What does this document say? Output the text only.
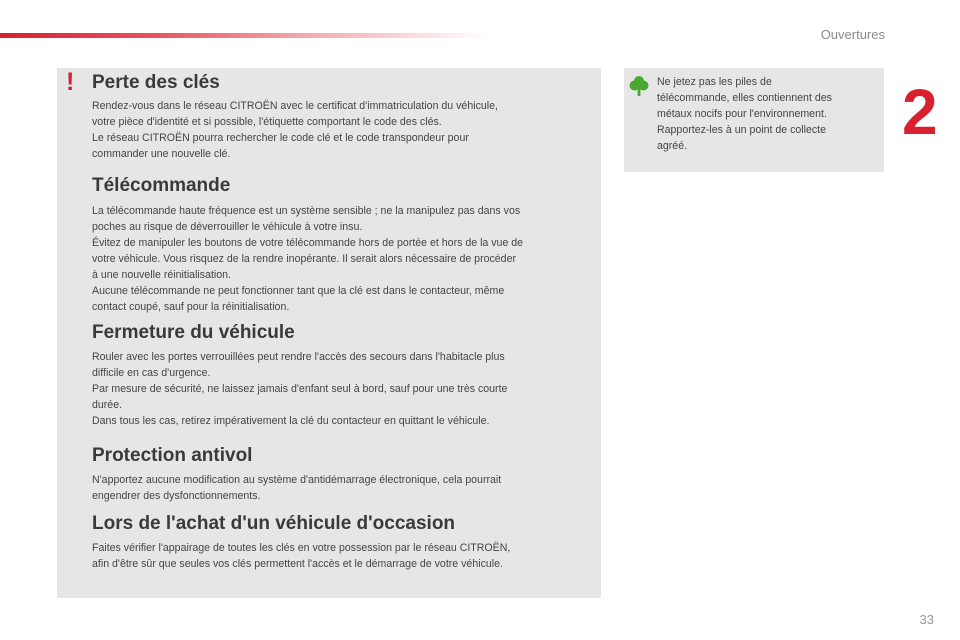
Ouvertures
2
! Perte des clés

Rendez-vous dans le réseau CITROËN avec le certificat d'immatriculation du véhicule,
votre pièce d'identité et si possible, l'étiquette comportant le code des clés.
Le réseau CITROËN pourra rechercher le code clé et le code transpondeur pour
commander une nouvelle clé.

Télécommande

La télécommande haute fréquence est un système sensible ; ne la manipulez pas dans vos
poches au risque de déverrouiller le véhicule à votre insu.
Évitez de manipuler les boutons de votre télécommande hors de portée et hors de la vue de
votre véhicule. Vous risquez de la rendre inopérante. Il serait alors nécessaire de procéder
à une nouvelle réinitialisation.
Aucune télécommande ne peut fonctionner tant que la clé est dans le contacteur, même
contact coupé, sauf pour la réinitialisation.

Fermeture du véhicule

Rouler avec les portes verrouillées peut rendre l'accès des secours dans l'habitacle plus
difficile en cas d'urgence.
Par mesure de sécurité, ne laissez jamais d'enfant seul à bord, sauf pour une très courte
durée.
Dans tous les cas, retirez impérativement la clé du contacteur en quittant le véhicule.

Protection antivol

N'apportez aucune modification au système d'antidémarrage électronique, cela pourrait
engendrer des dysfonctionnements.

Lors de l'achat d'un véhicule d'occasion

Faites vérifier l'appairage de toutes les clés en votre possession par le réseau CITROËN,
afin d'être sûr que seules vos clés permettent l'accès et le démarrage de votre véhicule.

Ne jetez pas les piles de
télécommande, elles contiennent des
métaux nocifs pour l'environnement.
Rapportez-les à un point de collecte
agréé.

33
